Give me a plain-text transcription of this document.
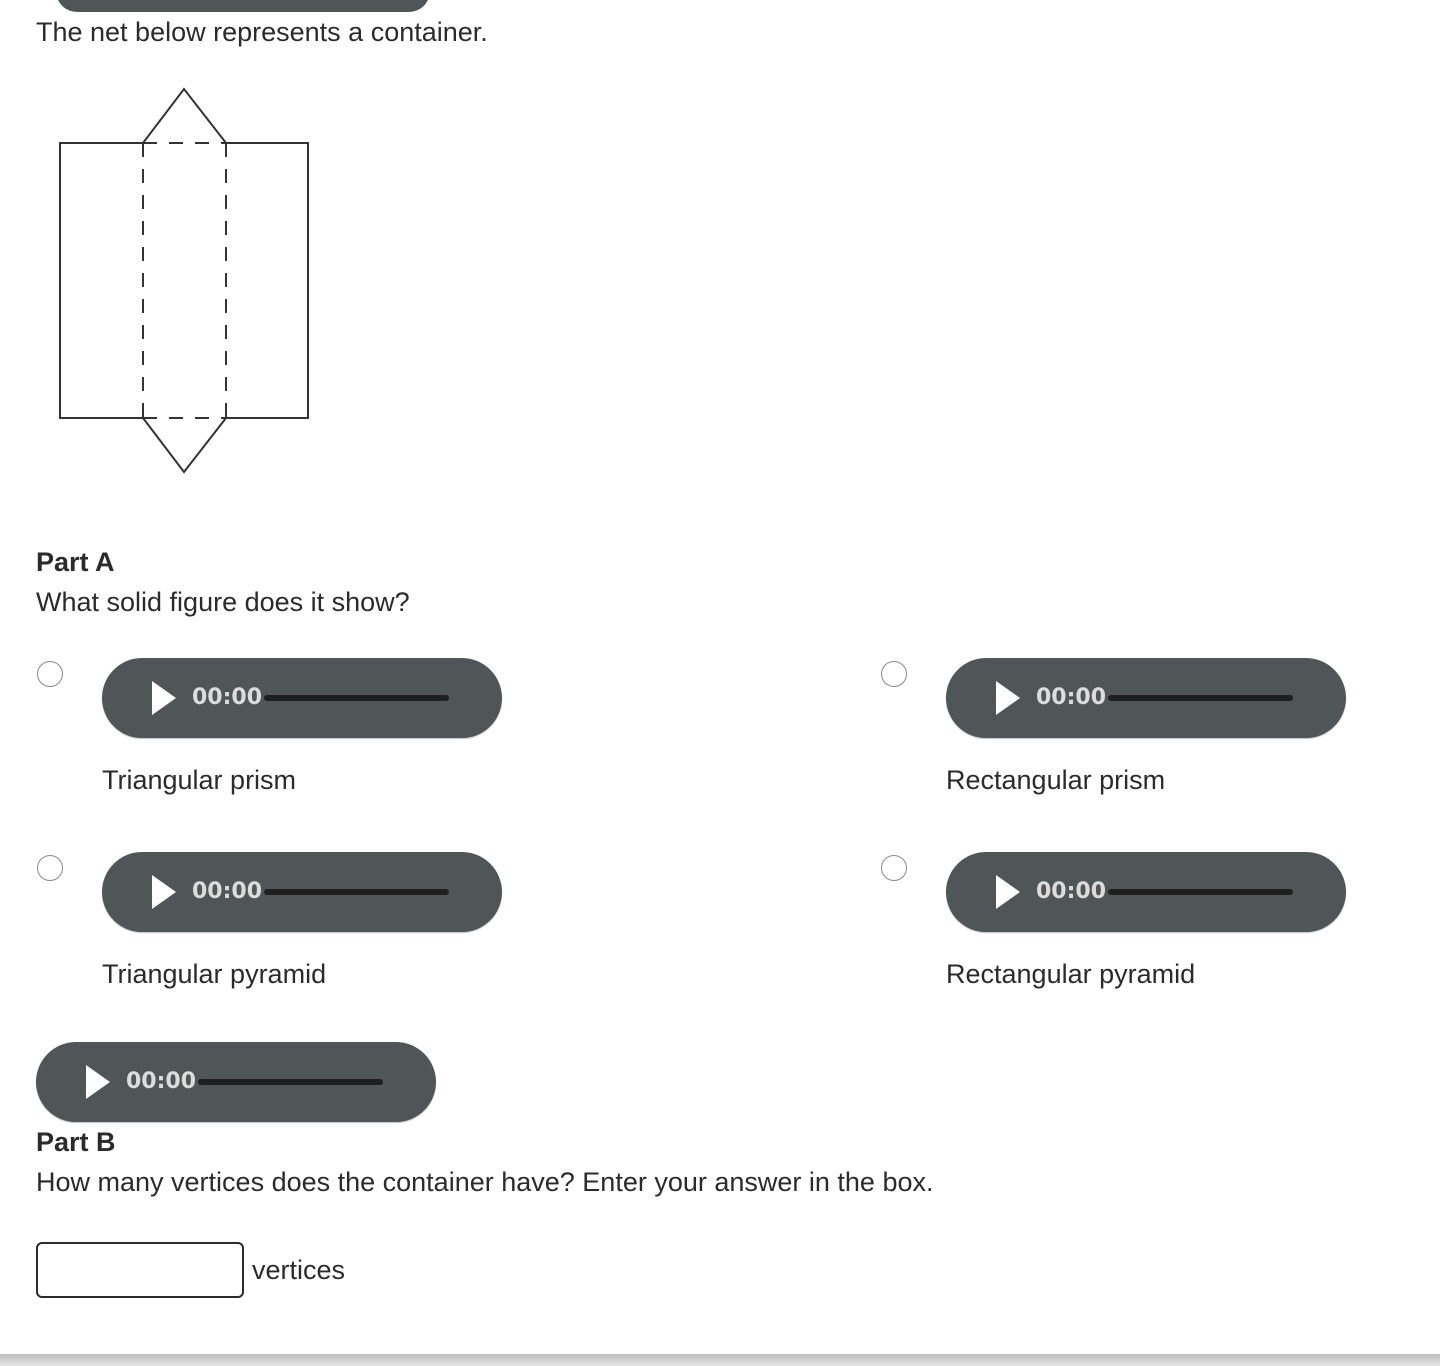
The net below represents a container.
Part A
What solid figure does it show?
00:00
Triangular prism
00:00
Rectangular prism
00:00
Triangular pyramid
00:00
Rectangular pyramid
00:00
Part B
How many vertices does the container have? Enter your answer in the box.
vertices
